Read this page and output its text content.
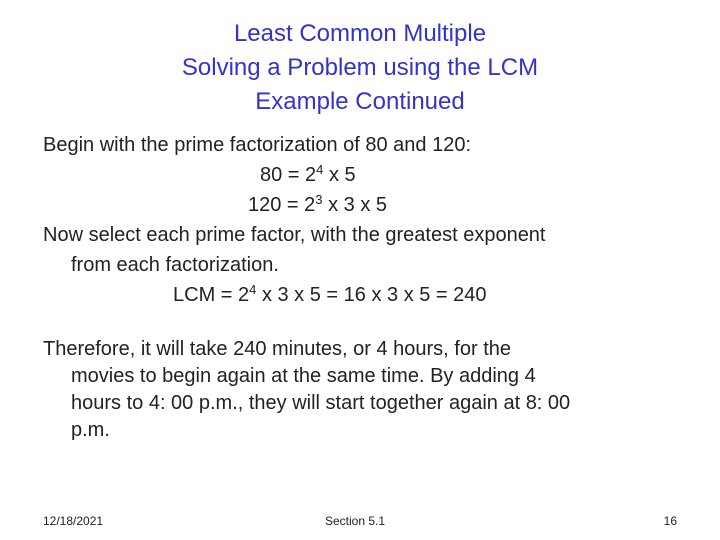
Least Common Multiple
Solving a Problem using the LCM
Example Continued
Begin with the prime factorization of 80 and 120:
$80 = 2^4$ x 5
$120 = 2^3$ x 3 x 5
Now select each prime factor, with the greatest exponent
from each factorization.
LCM = $2^4$ x 3 x 5 = 16 x 3 x 5 = 240
Therefore, it will take 240 minutes, or 4 hours, for the
movies to begin again at the same time. By adding 4
hours to 4: 00 p.m., they will start together again at 8: 00
p.m.
12/18/2021	Section 5.1	16
